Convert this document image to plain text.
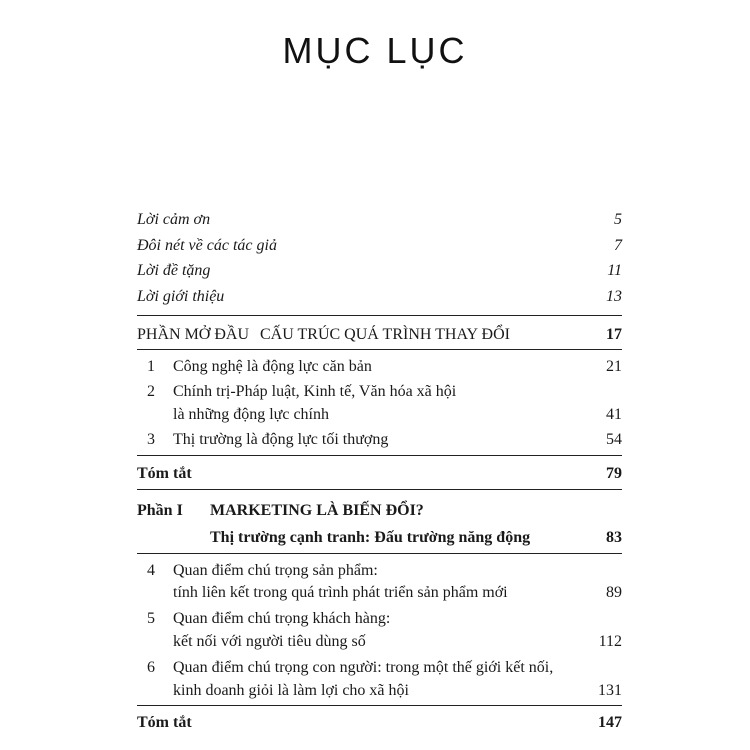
MỤC LỤC
Lời cảm ơn	5
Đôi nét về các tác giả	7
Lời đề tặng	11
Lời giới thiệu	13
PHẦN MỞ ĐẦU CẤU TRÚC QUÁ TRÌNH THAY ĐỔI	17
1 Công nghệ là động lực căn bản	21
2 Chính trị-Pháp luật, Kinh tế, Văn hóa xã hội
là những động lực chính	41
3 Thị trường là động lực tối thượng	54
Tóm tắt	79
Phần I MARKETING LÀ BIẾN ĐỔI?
Thị trường cạnh tranh: Đấu trường năng động	83
4 Quan điểm chú trọng sản phẩm:
tính liên kết trong quá trình phát triển sản phẩm mới	89
5 Quan điểm chú trọng khách hàng:
kết nối với người tiêu dùng số	112
6 Quan điểm chú trọng con người: trong một thế giới kết nối,
kinh doanh giỏi là làm lợi cho xã hội	131
Tóm tắt	147
